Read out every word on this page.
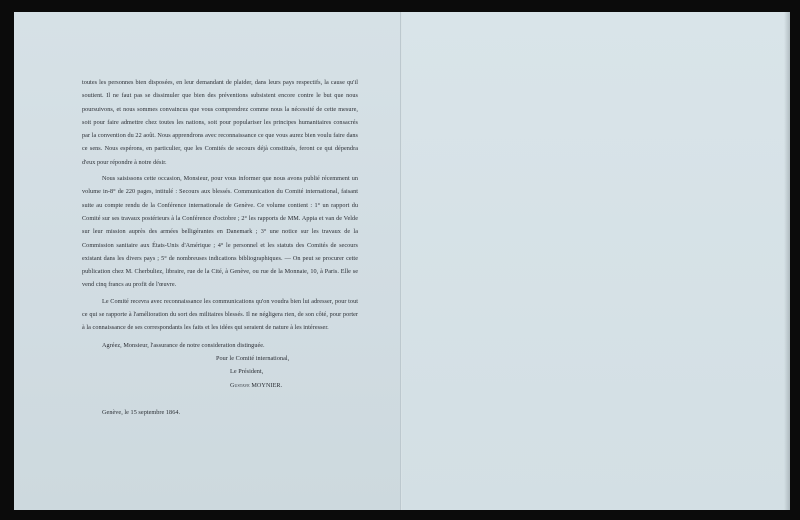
toutes les personnes bien disposées, en leur demandant de plaider, dans leurs pays respectifs, la cause qu'il soutient. Il ne faut pas se dissimuler que bien des préventions subsistent encore contre le but que nous poursuivons, et nous sommes convaincus que vous comprendrez comme nous la nécessité de cette mesure, soit pour faire admettre chez toutes les nations, soit pour populariser les principes humanitaires consacrés par la convention du 22 août. Nous apprendrons avec reconnaissance ce que vous aurez bien voulu faire dans ce sens. Nous espérons, en particulier, que les Comités de secours déjà constitués, feront ce qui dépendra d'eux pour répondre à notre désir.

Nous saisissons cette occasion, Monsieur, pour vous informer que nous avons publié récemment un volume in-8° de 220 pages, intitulé : Secours aux blessés. Communication du Comité international, faisant suite au compte rendu de la Conférence internationale de Genève. Ce volume contient : 1° un rapport du Comité sur ses travaux postérieurs à la Conférence d'octobre ; 2° les rapports de MM. Appia et van de Velde sur leur mission auprès des armées belligérantes en Danemark ; 3° une notice sur les travaux de la Commission sanitaire aux États-Unis d'Amérique ; 4° le personnel et les statuts des Comités de secours existant dans les divers pays ; 5° de nombreuses indications bibliographiques. — On peut se procurer cette publication chez M. Cherbuliez, libraire, rue de la Cité, à Genève, ou rue de la Monnaie, 10, à Paris. Elle se vend cinq francs au profit de l'œuvre.

Le Comité recevra avec reconnaissance les communications qu'on voudra bien lui adresser, pour tout ce qui se rapporte à l'amélioration du sort des militaires blessés. Il ne négligera rien, de son côté, pour porter à la connaissance de ses correspondants les faits et les idées qui seraient de nature à les intéresser.

Agréez, Monsieur, l'assurance de notre consideration distinguée.
Pour le Comité international,
Le Président,
Gustave MOYNIER.
Genève, le 15 septembre 1864.
